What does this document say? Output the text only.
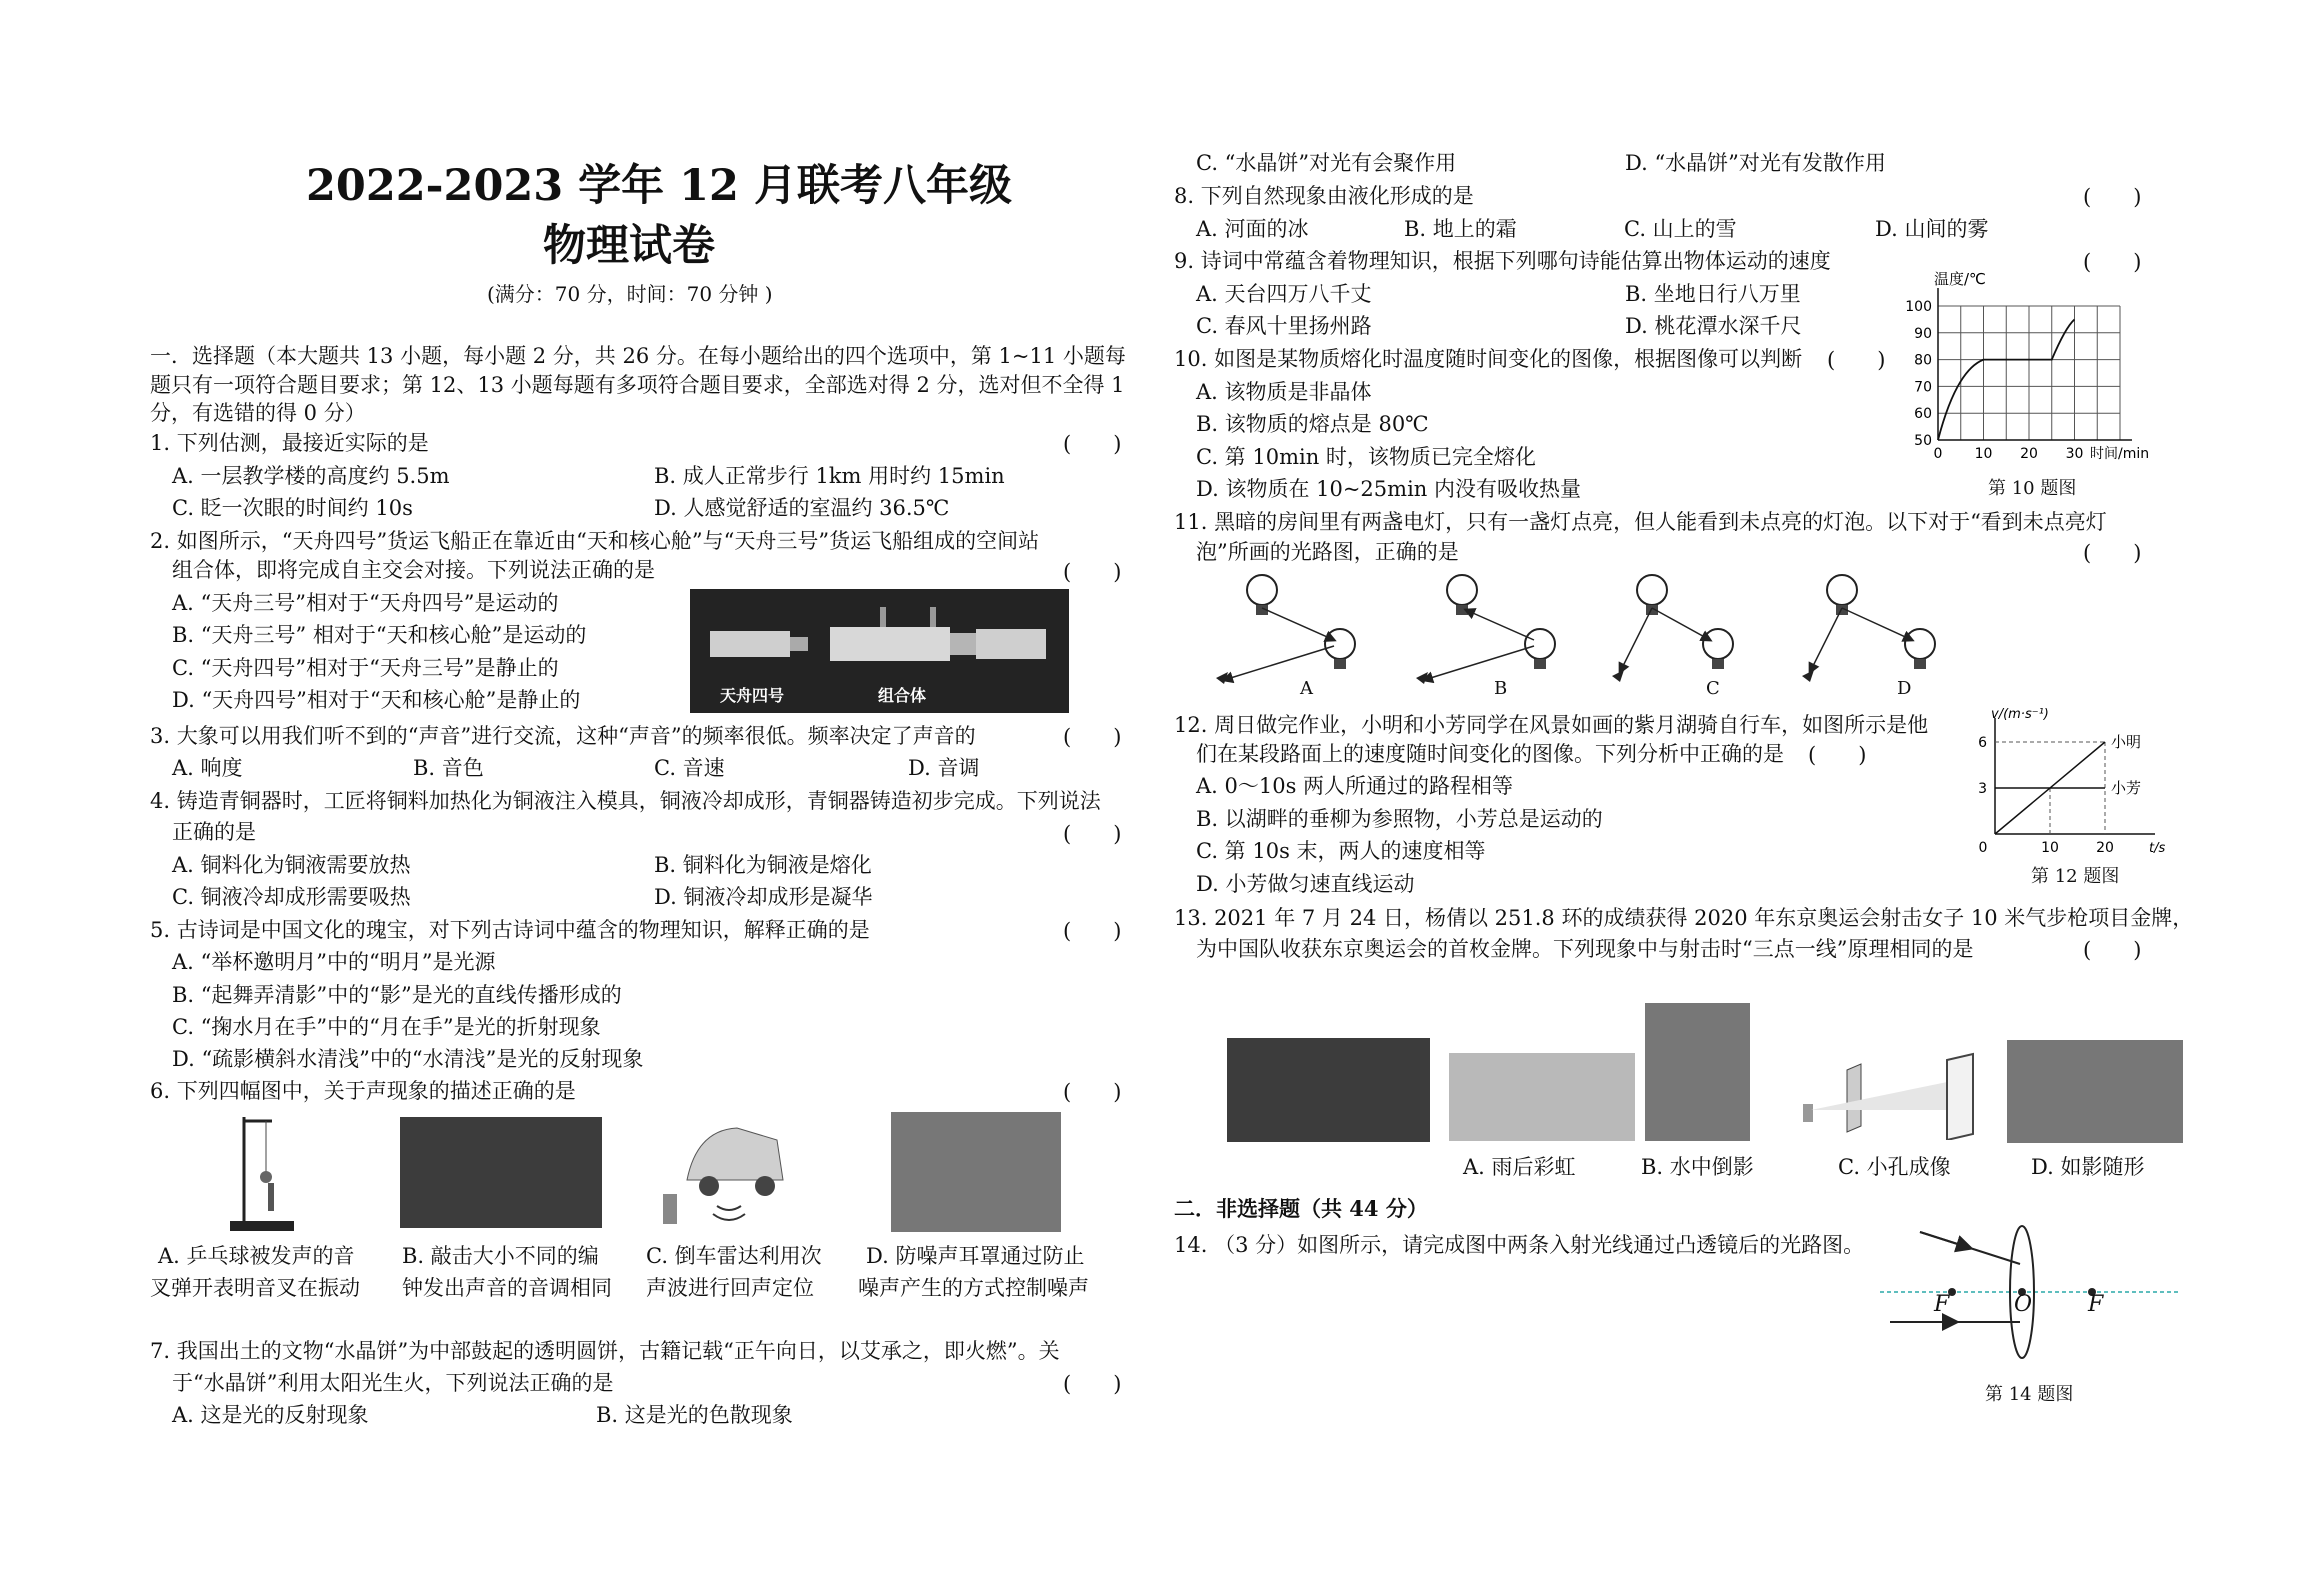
2022-2023 学年 12 月联考八年级
物理试卷
(满分：70 分，时间：70 分钟 )
一．选择题（本大题共 13 小题，每小题 2 分，共 26 分。在每小题给出的四个选项中，第 1~11 小题每
题只有一项符合题目要求；第 12、13 小题每题有多项符合题目要求，全部选对得 2 分，选对但不全得 1
分，有选错的得 0 分）
1. 下列估测，最接近实际的是	(　　)
A. 一层教学楼的高度约 5.5m	B. 成人正常步行 1km 用时约 15min
C. 眨一次眼的时间约 10s	D. 人感觉舒适的室温约 36.5℃
2. 如图所示，“天舟四号”货运飞船正在靠近由“天和核心舱”与“天舟三号”货运飞船组成的空间站
组合体，即将完成自主交会对接。下列说法正确的是	(　　)
A. “天舟三号”相对于“天舟四号”是运动的
B. “天舟三号” 相对于“天和核心舱”是运动的
C. “天舟四号”相对于“天舟三号”是静止的
D. “天舟四号”相对于“天和核心舱”是静止的	天舟四号	组合体
3. 大象可以用我们听不到的“声音”进行交流，这种“声音”的频率很低。频率决定了声音的	(　　)
A. 响度	B. 音色	C. 音速	D. 音调
4. 铸造青铜器时，工匠将铜料加热化为铜液注入模具，铜液冷却成形，青铜器铸造初步完成。下列说法
正确的是	(　　)
A. 铜料化为铜液需要放热	B. 铜料化为铜液是熔化
C. 铜液冷却成形需要吸热	D. 铜液冷却成形是凝华
5. 古诗词是中国文化的瑰宝，对下列古诗词中蕴含的物理知识，解释正确的是	(　　)
A. “举杯邀明月”中的“明月”是光源
B. “起舞弄清影”中的“影”是光的直线传播形成的
C. “掬水月在手”中的“月在手”是光的折射现象
D. “疏影横斜水清浅”中的“水清浅”是光的反射现象
6. 下列四幅图中，关于声现象的描述正确的是	(　　)
A. 乒乓球被发声的音
叉弹开表明音叉在振动
B. 敲击大小不同的编
钟发出声音的音调相同
C. 倒车雷达利用次
声波进行回声定位
D. 防噪声耳罩通过防止
噪声产生的方式控制噪声
7. 我国出土的文物“水晶饼”为中部鼓起的透明圆饼，古籍记载“正午向日，以艾承之，即火燃”。关
于“水晶饼”利用太阳光生火，下列说法正确的是	(　　)
A. 这是光的反射现象	B. 这是光的色散现象
C. “水晶饼”对光有会聚作用	D. “水晶饼”对光有发散作用
8. 下列自然现象由液化形成的是	(　　)
A. 河面的冰	B. 地上的霜	C. 山上的雪	D. 山间的雾
9. 诗词中常蕴含着物理知识，根据下列哪句诗能估算出物体运动的速度	(　　)
A. 天台四万八千丈	B. 坐地日行八万里
C. 春风十里扬州路	D. 桃花潭水深千尺
10. 如图是某物质熔化时温度随时间变化的图像，根据图像可以判断 (　　)
A. 该物质是非晶体
B. 该物质的熔点是 80℃
C. 第 10min 时，该物质已完全熔化
D. 该物质在 10~25min 内没有吸收热量
50
60
70
80
90
100
0 10 20 30
温度/℃
时间/min
第 10 题图
11. 黑暗的房间里有两盏电灯，只有一盏灯点亮，但人能看到未点亮的灯泡。以下对于“看到未点亮灯
泡”所画的光路图，正确的是	(　　)
A	B	C	D
12. 周日做完作业，小明和小芳同学在风景如画的紫月湖骑自行车，如图所示是他
们在某段路面上的速度随时间变化的图像。下列分析中正确的是 (　　)
A. 0～10s 两人所通过的路程相等
B. 以湖畔的垂柳为参照物，小芳总是运动的
C. 第 10s 末，两人的速度相等
D. 小芳做匀速直线运动
v/(m·s⁻¹)
t/s
3
6
0	10	20
小明
小芳
第 12 题图
13. 2021 年 7 月 24 日，杨倩以 251.8 环的成绩获得 2020 年东京奥运会射击女子 10 米气步枪项目金牌，
为中国队收获东京奥运会的首枚金牌。下列现象中与射击时“三点一线”原理相同的是	(　　)
A. 雨后彩虹	B. 水中倒影	C. 小孔成像	D. 如影随形
二．非选择题（共 44 分）
14. （3 分）如图所示，请完成图中两条入射光线通过凸透镜后的光路图。
F	O	F
第 14 题图
